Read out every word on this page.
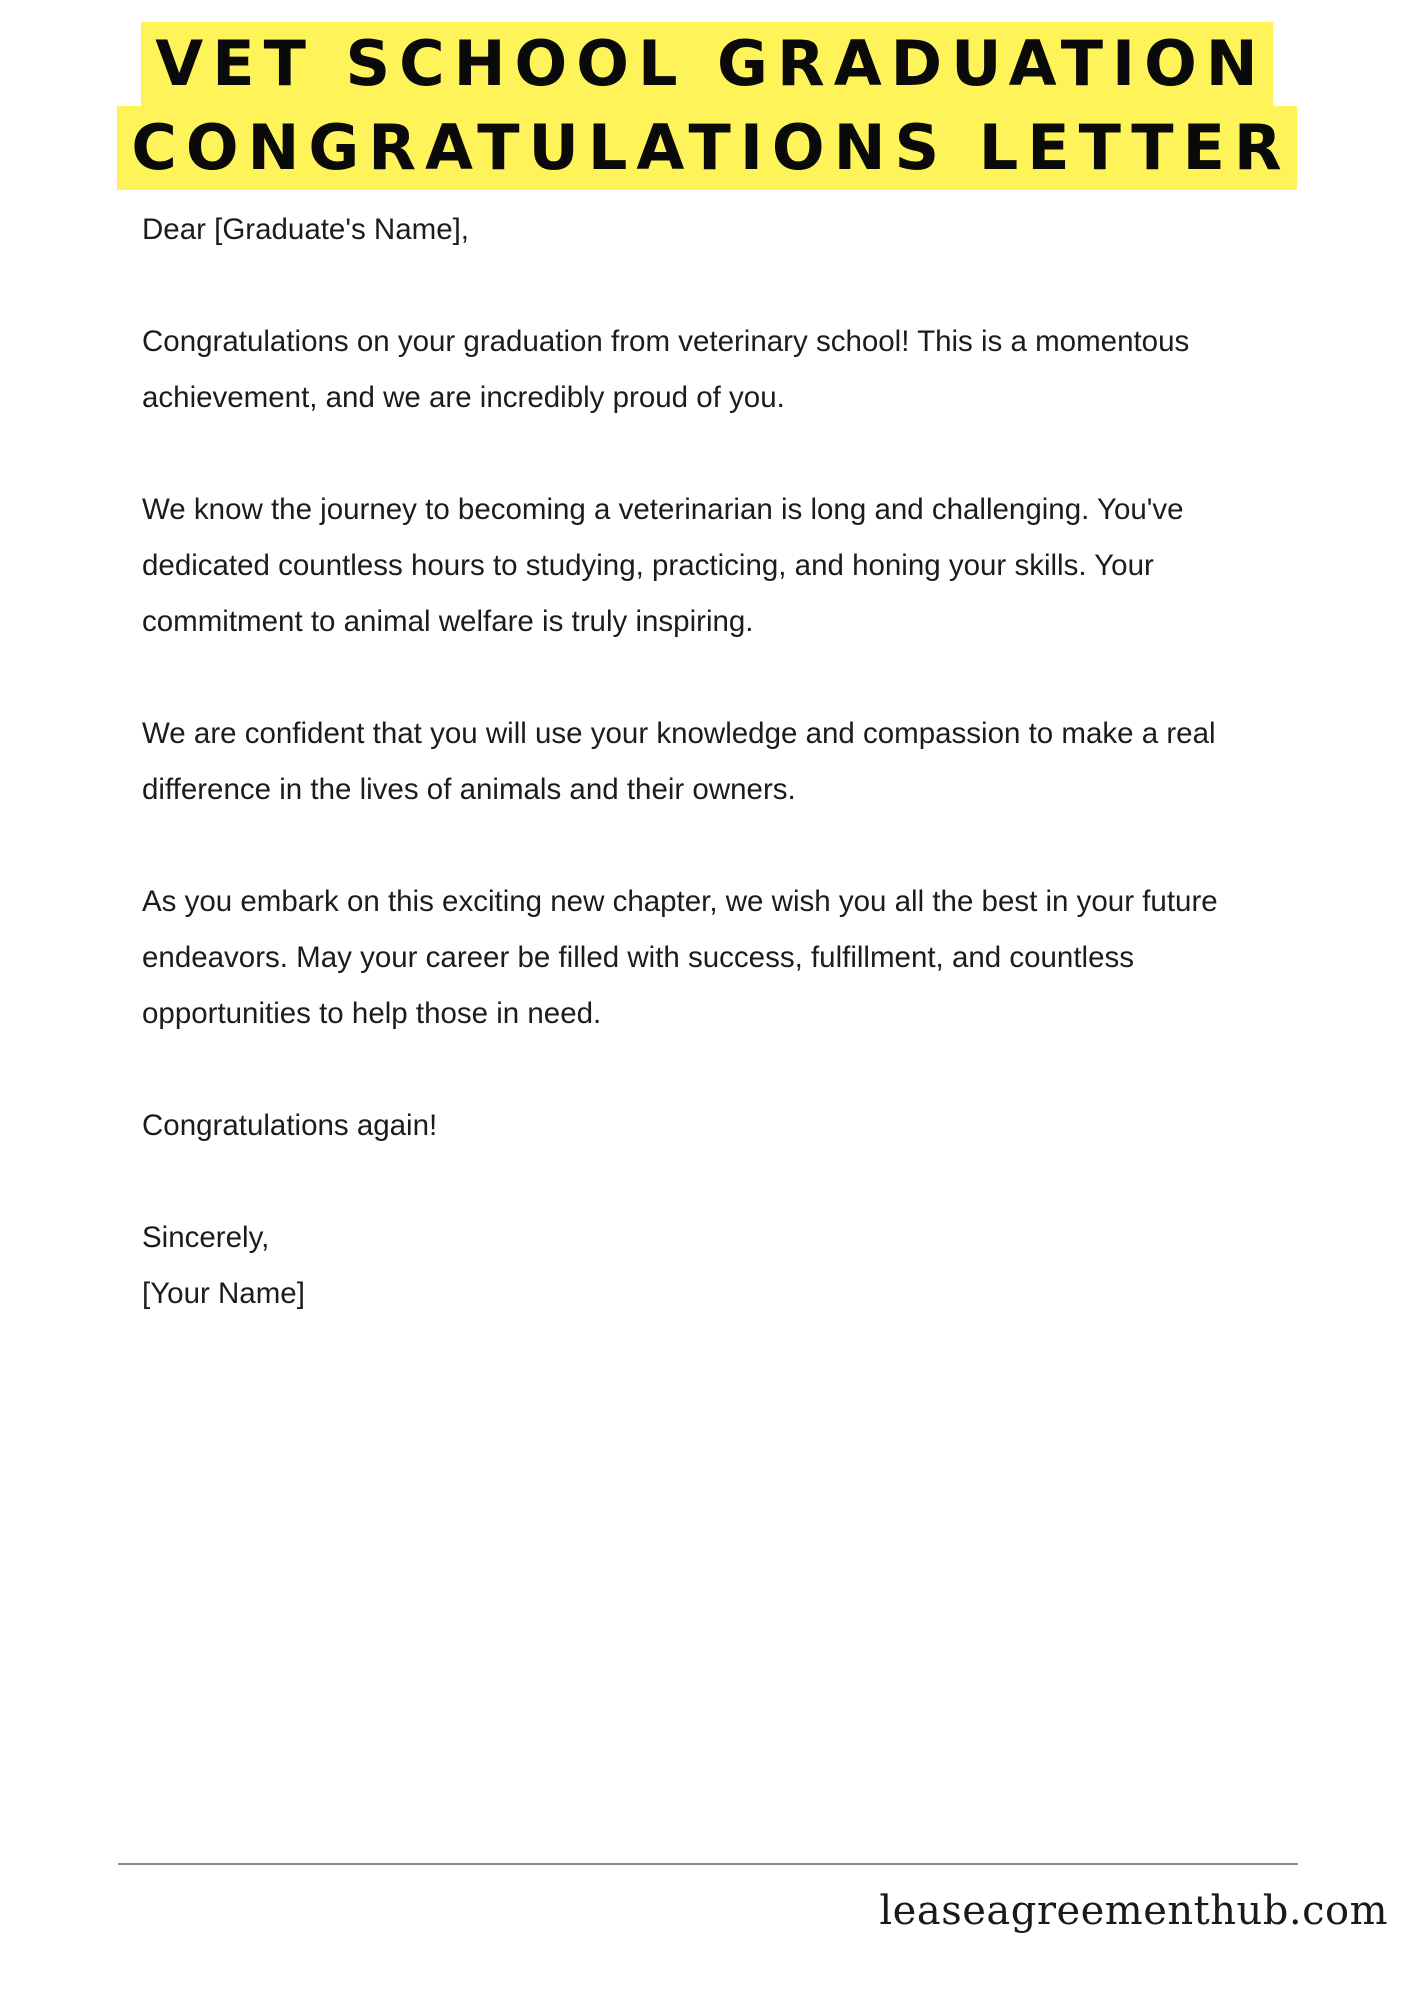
VET SCHOOL GRADUATION
CONGRATULATIONS LETTER

Dear [Graduate's Name],

Congratulations on your graduation from veterinary school! This is a momentous achievement, and we are incredibly proud of you.

We know the journey to becoming a veterinarian is long and challenging. You've dedicated countless hours to studying, practicing, and honing your skills. Your commitment to animal welfare is truly inspiring.

We are confident that you will use your knowledge and compassion to make a real difference in the lives of animals and their owners.

As you embark on this exciting new chapter, we wish you all the best in your future endeavors. May your career be filled with success, fulfillment, and countless opportunities to help those in need.

Congratulations again!

Sincerely,

[Your Name]

leaseagreementhub.com
